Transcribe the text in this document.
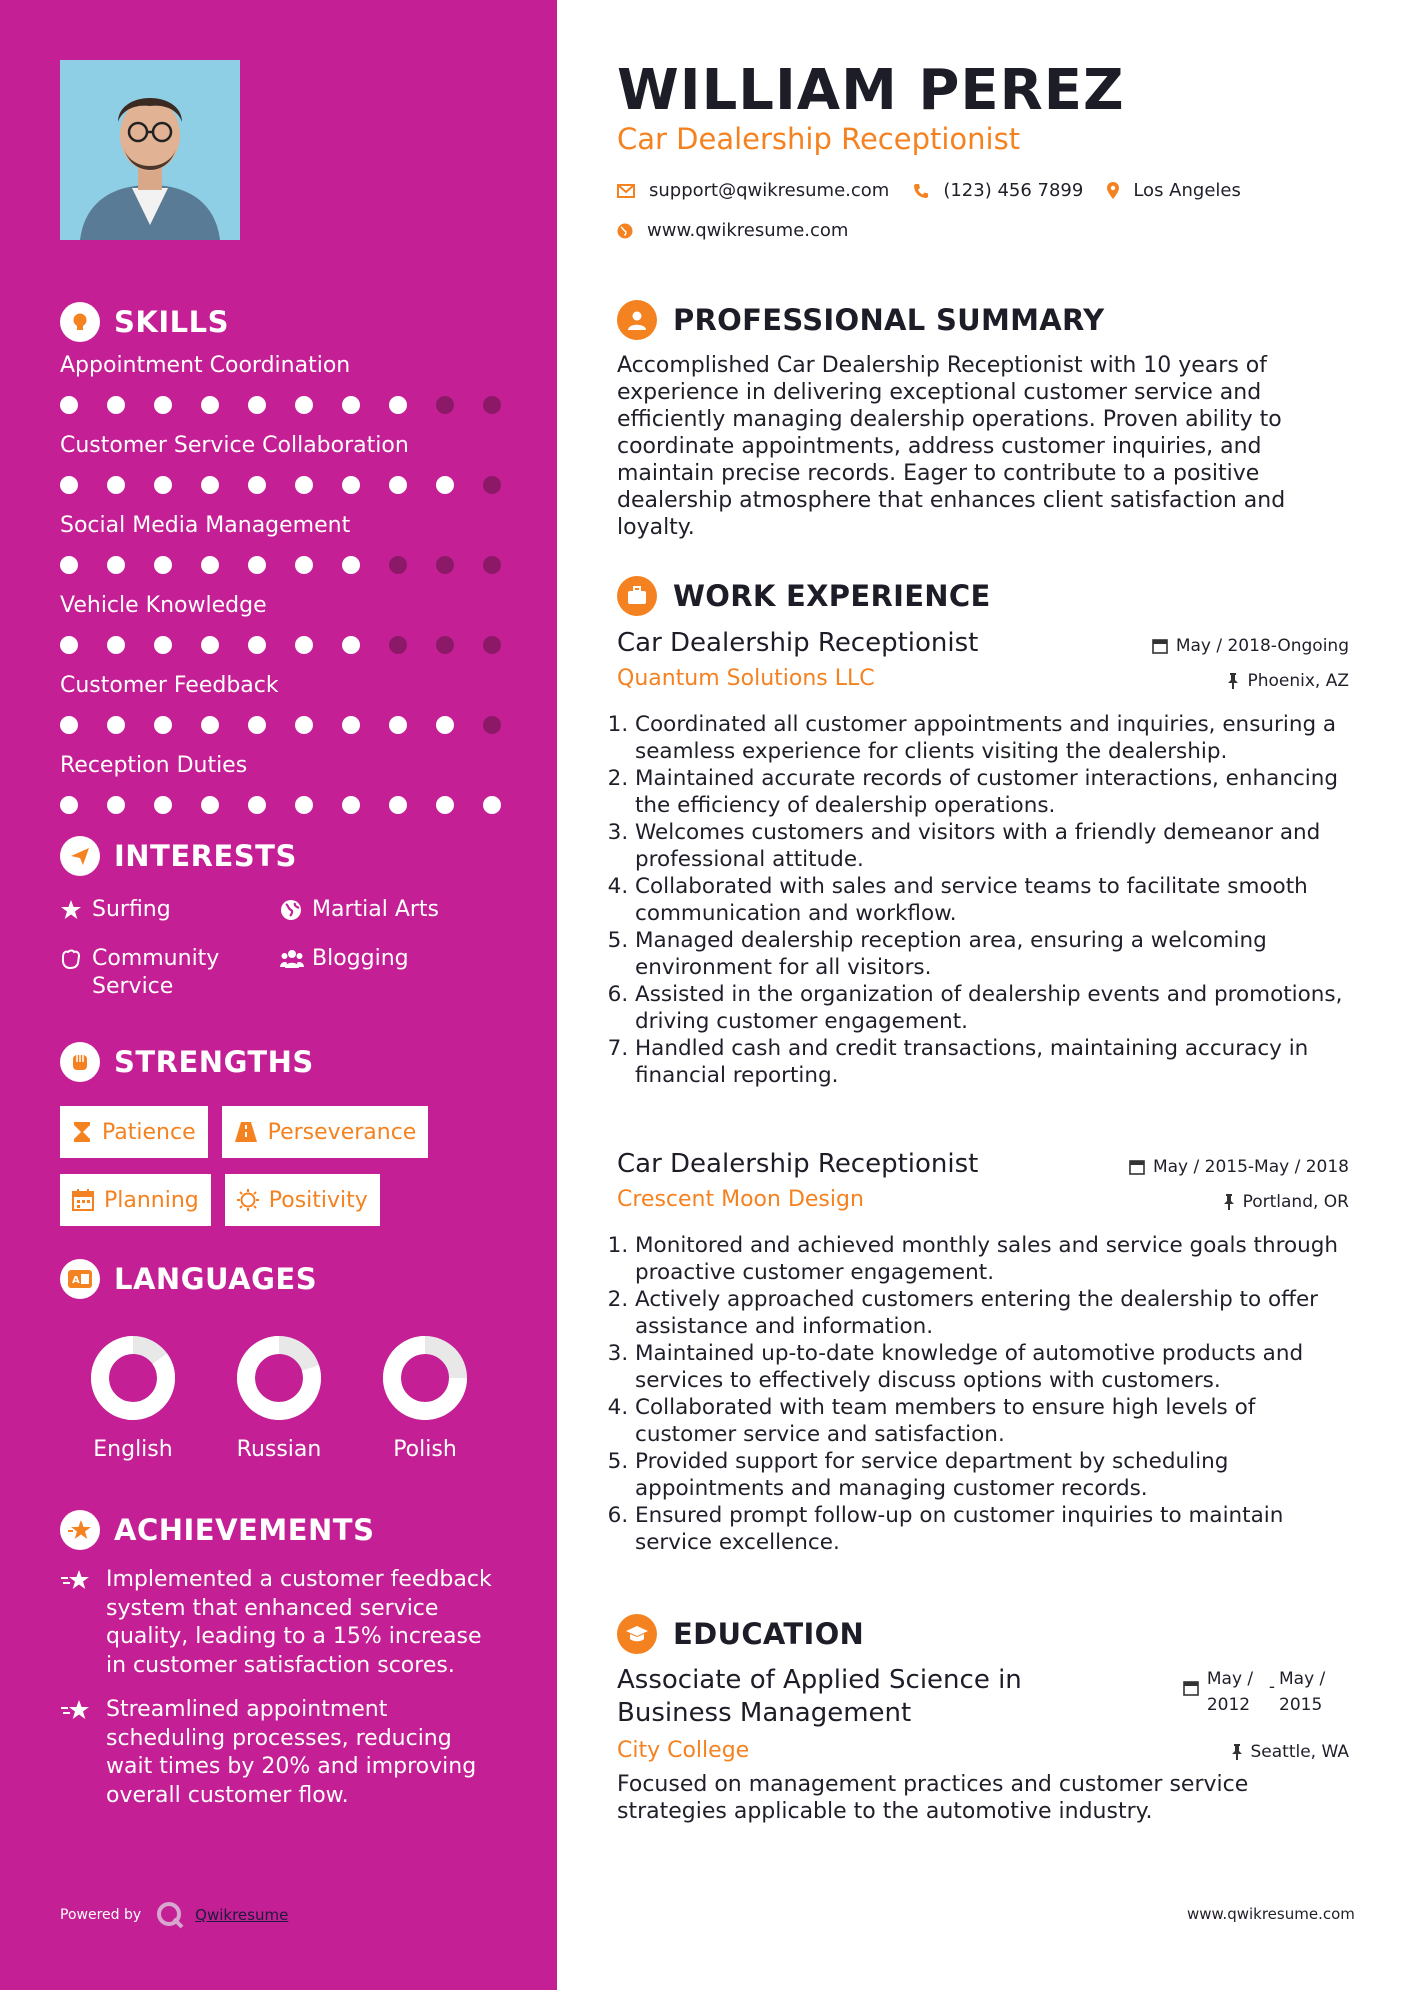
SKILLS
Appointment Coordination
Customer Service Collaboration
Social Media Management
Vehicle Knowledge
Customer Feedback
Reception Duties
INTERESTS
Surfing	Martial Arts
Community Service
Blogging
STRENGTHS
Patience	Perseverance
Planning	Positivity
A LANGUAGES
English	Russian	Polish
ACHIEVEMENTS
Implemented a customer feedback system that enhanced service quality, leading to a 15% increase in customer satisfaction scores.
Streamlined appointment scheduling processes, reducing wait times by 20% and improving overall customer flow.
Powered by	Qwikresume
WILLIAM PEREZ
Car Dealership Receptionist
support@qwikresume.com	(123) 456 7899	Los Angeles
www.qwikresume.com
PROFESSIONAL SUMMARY
Accomplished Car Dealership Receptionist with 10 years of experience in delivering exceptional customer service and efficiently managing dealership operations. Proven ability to coordinate appointments, address customer inquiries, and maintain precise records. Eager to contribute to a positive dealership atmosphere that enhances client satisfaction and loyalty.
WORK EXPERIENCE
Car Dealership Receptionist
Quantum Solutions LLC
May / 2018-Ongoing
Phoenix, AZ
1. Coordinated all customer appointments and inquiries, ensuring a seamless experience for clients visiting the dealership.
2. Maintained accurate records of customer interactions, enhancing the efficiency of dealership operations.
3. Welcomes customers and visitors with a friendly demeanor and professional attitude.
4. Collaborated with sales and service teams to facilitate smooth communication and workflow.
5. Managed dealership reception area, ensuring a welcoming environment for all visitors.
6. Assisted in the organization of dealership events and promotions, driving customer engagement.
7. Handled cash and credit transactions, maintaining accuracy in financial reporting.
Car Dealership Receptionist
Crescent Moon Design
May / 2015-May / 2018
Portland, OR
1. Monitored and achieved monthly sales and service goals through proactive customer engagement.
2. Actively approached customers entering the dealership to offer assistance and information.
3. Maintained up-to-date knowledge of automotive products and services to effectively discuss options with customers.
4. Collaborated with team members to ensure high levels of customer service and satisfaction.
5. Provided support for service department by scheduling appointments and managing customer records.
6. Ensured prompt follow-up on customer inquiries to maintain service excellence.
EDUCATION
Associate of Applied Science in Business Management
May / 2012
- May / 2015
City College	Seattle, WA
Focused on management practices and customer service strategies applicable to the automotive industry.
www.qwikresume.com
